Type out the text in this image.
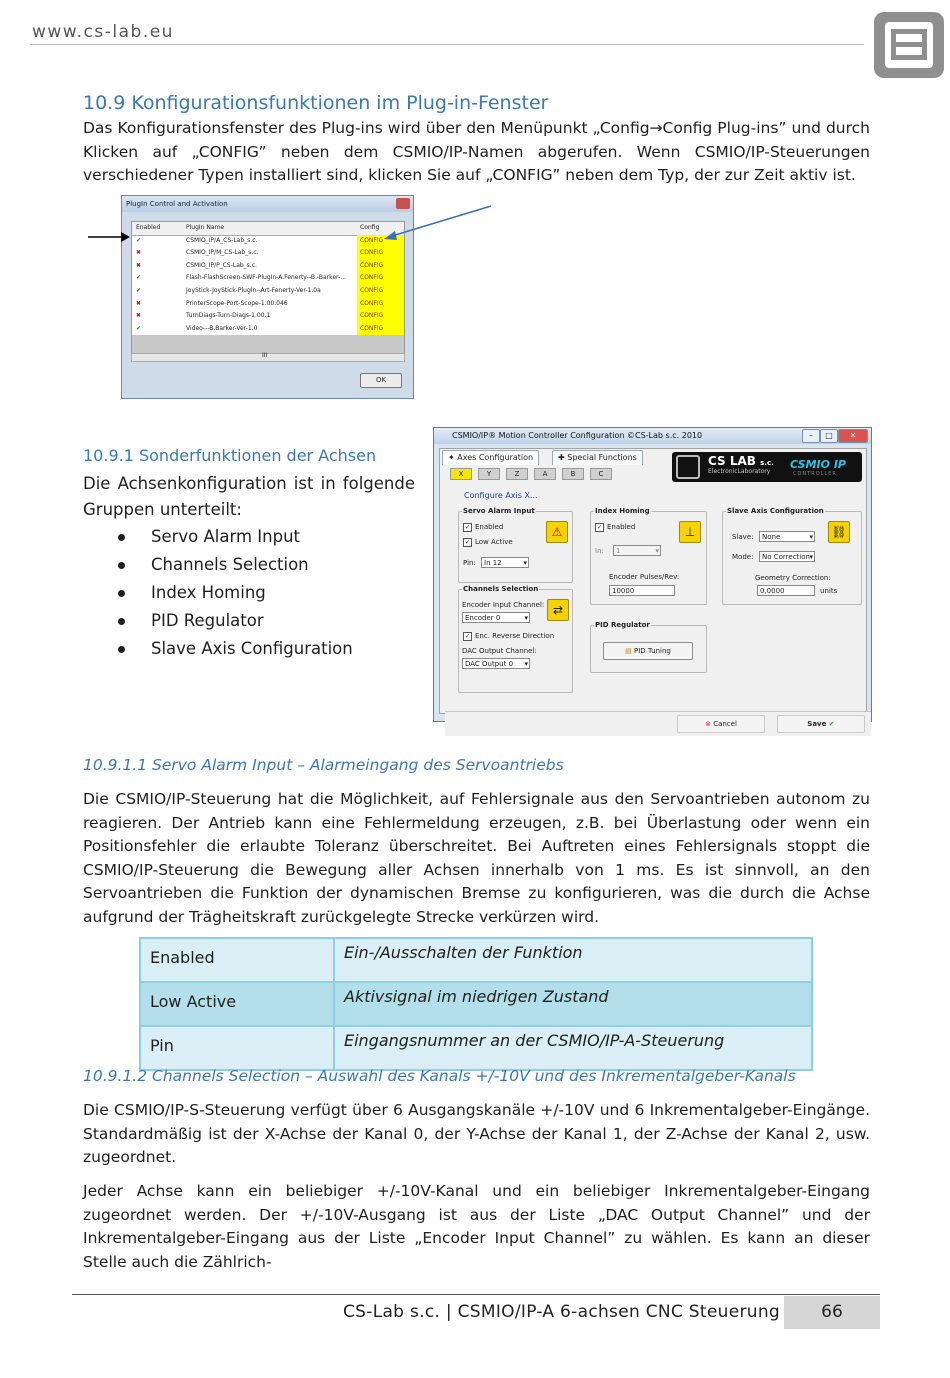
www.cs-lab.eu
10.9 Konfigurationsfunktionen im Plug-in-Fenster
Das Konfigurationsfenster des Plug-ins wird über den Menüpunkt „Config→Config Plug-ins” und durch Klicken auf „CONFIG” neben dem CSMIO/IP-Namen abgerufen. Wenn CSMIO/IP-Steuerungen verschiedener Typen installiert sind, klicken Sie auf „CONFIG” neben dem Typ, der zur Zeit aktiv ist.
PlugIn Control and Activation
Enabled	PlugIn Name	Config
✔	CSMIO_IP/A_CS-Lab_s.c.	CONFIG
✖	CSMIO_IP/M_CS-Lab_s.c.	CONFIG
✖	CSMIO_IP/P_CS-Lab_s.c.	CONFIG
✔	Flash-FlashScreen-SWF-PlugIn-A.Fenerty--B.-Barker-...	CONFIG
✔	JoyStick-JoyStick-PlugIn--Art-Fenerty-Ver-1.0a	CONFIG
✖	PrinterScope-Port-Scope-1.00.046	CONFIG
✖	TurnDiags-Turn-Diags-1.00.1	CONFIG
✔	Video---B.Barker-Ver-1.0	CONFIG
III
OK
10.9.1 Sonderfunktionen der Achsen
Die Achsenkonfiguration ist in folgende Gruppen unterteilt:
Servo Alarm Input
Channels Selection
Index Homing
PID Regulator
Slave Axis Configuration
CSMIO/IP® Motion Controller Configuration ©CS-Lab s.c. 2010	–	□	✕
✦ Axes Configuration	✚ Special Functions
X	Y	Z	A	B	C
CS LAB s.c.
ElectronicLaboratory
CSMIO IP
CONTROLLER
Configure Axis X...
Servo Alarm Input
✓ Enabled
✓ Low Active
Pin:	In 12 ▾
⚠
Index Homing
✓ Enabled
In:	1 ▾
Encoder Pulses/Rev:
10000
⊥
Slave Axis Configuration
Slave:	None ▾
Mode:	No Correction ▾
Geometry Correction:
0,0000	units
⛓
Channels Selection
Encoder Input Channel:
Encoder 0 ▾
✓ Enc. Reverse Direction
DAC Output Channel:
DAC Output 0 ▾
⇄
PID Regulator
▤ PID Tuning
⊗ Cancel	Save ✔
10.9.1.1 Servo Alarm Input – Alarmeingang des Servoantriebs
Die CSMIO/IP-Steuerung hat die Möglichkeit, auf Fehlersignale aus den Servoantrieben autonom zu reagieren. Der Antrieb kann eine Fehlermeldung erzeugen, z.B. bei Überlastung oder wenn ein Positionsfehler die erlaubte Toleranz überschreitet. Bei Auftreten eines Fehlersignals stoppt die CSMIO/IP-Steuerung die Bewegung aller Achsen innerhalb von 1 ms. Es ist sinnvoll, an den Servoantrieben die Funktion der dynamischen Bremse zu konfigurieren, was die durch die Achse aufgrund der Trägheitskraft zurückgelegte Strecke verkürzen wird.
Enabled	Ein-/Ausschalten der Funktion
Low Active	Aktivsignal im niedrigen Zustand
Pin	Eingangsnummer an der CSMIO/IP-A-Steuerung
10.9.1.2 Channels Selection – Auswahl des Kanals +/-10V und des Inkrementalgeber-Kanals
Die CSMIO/IP-S-Steuerung verfügt über 6 Ausgangskanäle +/-10V und 6 Inkrementalgeber-Eingänge. Standardmäßig ist der X-Achse der Kanal 0, der Y-Achse der Kanal 1, der Z-Achse der Kanal 2, usw. zugeordnet.
Jeder Achse kann ein beliebiger +/-10V-Kanal und ein beliebiger Inkrementalgeber-Eingang zugeordnet werden. Der +/-10V-Ausgang ist aus der Liste „DAC Output Channel” und der Inkrementalgeber-Eingang aus der Liste „Encoder Input Channel” zu wählen. Es kann an dieser Stelle auch die Zählrich-
CS-Lab s.c. | CSMIO/IP-A 6-achsen CNC Steuerung	66
